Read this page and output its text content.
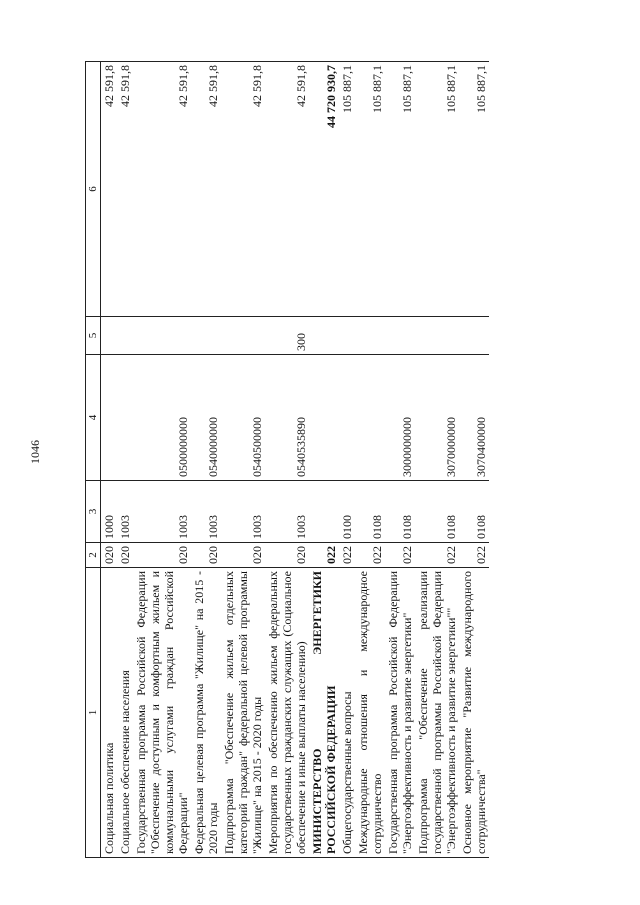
1046
1	2	3	4	5	6
Социальная политика	020	1000			42 591,8
Социальное обеспечение населения	020	1003			42 591,8
Государственная программа Российской Федерации "Обеспечение доступным и комфортным жильем и коммунальными услугами граждан Российской Федерации"	020	1003	0500000000		42 591,8
Федеральная целевая программа "Жилище" на 2015 - 2020 годы	020	1003	0540000000		42 591,8
Подпрограмма "Обеспечение жильем отдельных категорий граждан" федеральной целевой программы "Жилище" на 2015 - 2020 годы	020	1003	0540500000		42 591,8
Мероприятия по обеспечению жильем федеральных государственных гражданских служащих (Социальное обеспечение и иные выплаты населению)	020	1003	0540535890	300	42 591,8
МИНИСТЕРСТВО ЭНЕРГЕТИКИ РОССИЙСКОЙ ФЕДЕРАЦИИ	022				44 720 930,7
Общегосударственные вопросы	022	0100			105 887,1
Международные отношения и международное сотрудничество	022	0108			105 887,1
Государственная программа Российской Федерации "Энергоэффективность и развитие энергетики"	022	0108	3000000000		105 887,1
Подпрограмма "Обеспечение реализации государственной программы Российской Федерации "Энергоэффективность и развитие энергетики""	022	0108	3070000000		105 887,1
Основное мероприятие "Развитие международного сотрудничества"	022	0108	3070400000		105 887,1
